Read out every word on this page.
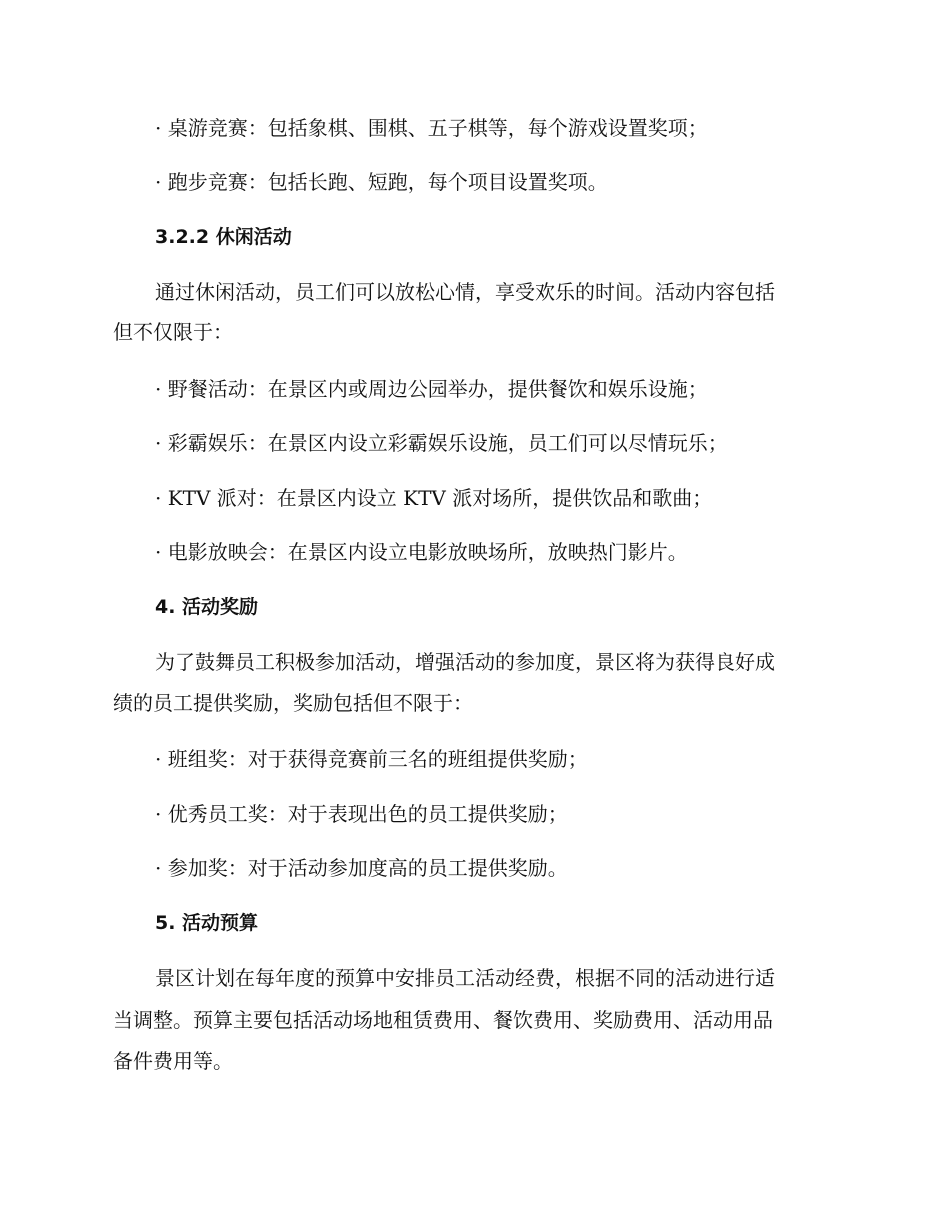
· 桌游竞赛：包括象棋、围棋、五子棋等，每个游戏设置奖项；
· 跑步竞赛：包括长跑、短跑，每个项目设置奖项。
3.2.2 休闲活动
通过休闲活动，员工们可以放松心情，享受欢乐的时间。活动内容包括
但不仅限于：
· 野餐活动：在景区内或周边公园举办，提供餐饮和娱乐设施；
· 彩霸娱乐：在景区内设立彩霸娱乐设施，员工们可以尽情玩乐；
· KTV 派对：在景区内设立 KTV 派对场所，提供饮品和歌曲；
· 电影放映会：在景区内设立电影放映场所，放映热门影片。
4. 活动奖励
为了鼓舞员工积极参加活动，增强活动的参加度，景区将为获得良好成
绩的员工提供奖励，奖励包括但不限于：
· 班组奖：对于获得竞赛前三名的班组提供奖励；
· 优秀员工奖：对于表现出色的员工提供奖励；
· 参加奖：对于活动参加度高的员工提供奖励。
5. 活动预算
景区计划在每年度的预算中安排员工活动经费，根据不同的活动进行适
当调整。预算主要包括活动场地租赁费用、餐饮费用、奖励费用、活动用品
备件费用等。
